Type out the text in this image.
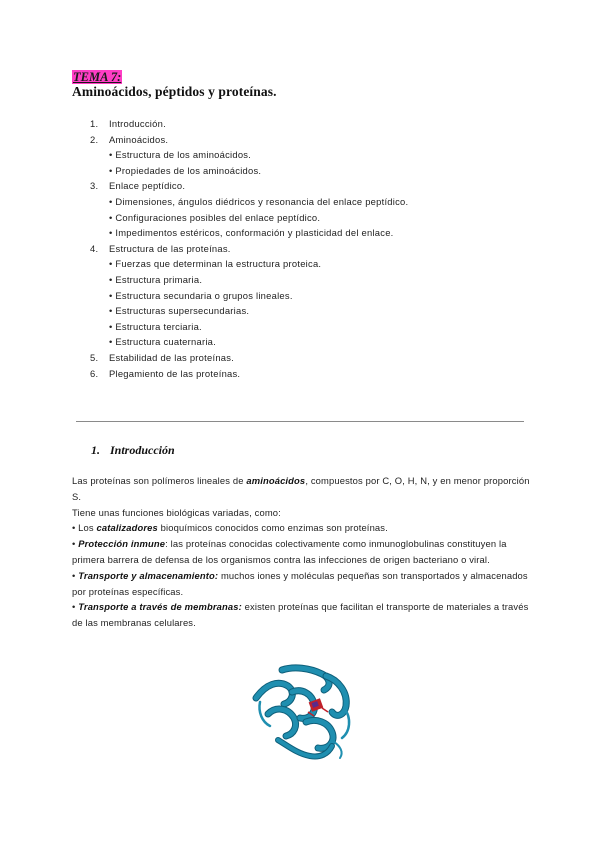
TEMA 7:
Aminoácidos, péptidos y proteínas.
1. Introducción.
2. Aminoácidos.
• Estructura de los aminoácidos.
• Propiedades de los aminoácidos.
3. Enlace peptídico.
• Dimensiones, ángulos diédricos y resonancia del enlace peptídico.
• Configuraciones posibles del enlace peptídico.
• Impedimentos estéricos, conformación y plasticidad del enlace.
4. Estructura de las proteínas.
• Fuerzas que determinan la estructura proteica.
• Estructura primaria.
• Estructura secundaria o grupos lineales.
• Estructuras supersecundarias.
• Estructura terciaria.
• Estructura cuaternaria.
5. Estabilidad de las proteínas.
6. Plegamiento de las proteínas.
1. Introducción

Las proteínas son polímeros lineales de aminoácidos, compuestos por C, O, H, N, y en menor proporción S.

Tiene unas funciones biológicas variadas, como:

• Los catalizadores bioquímicos conocidos como enzimas son proteínas.

• Protección inmune: las proteínas conocidas colectivamente como inmunoglobulinas constituyen la primera barrera de defensa de los organismos contra las infecciones de origen bacteriano o viral.

• Transporte y almacenamiento: muchos iones y moléculas pequeñas son transportados y almacenados por proteínas específicas.

• Transporte a través de membranas: existen proteínas que facilitan el transporte de materiales a través de las membranas celulares.
